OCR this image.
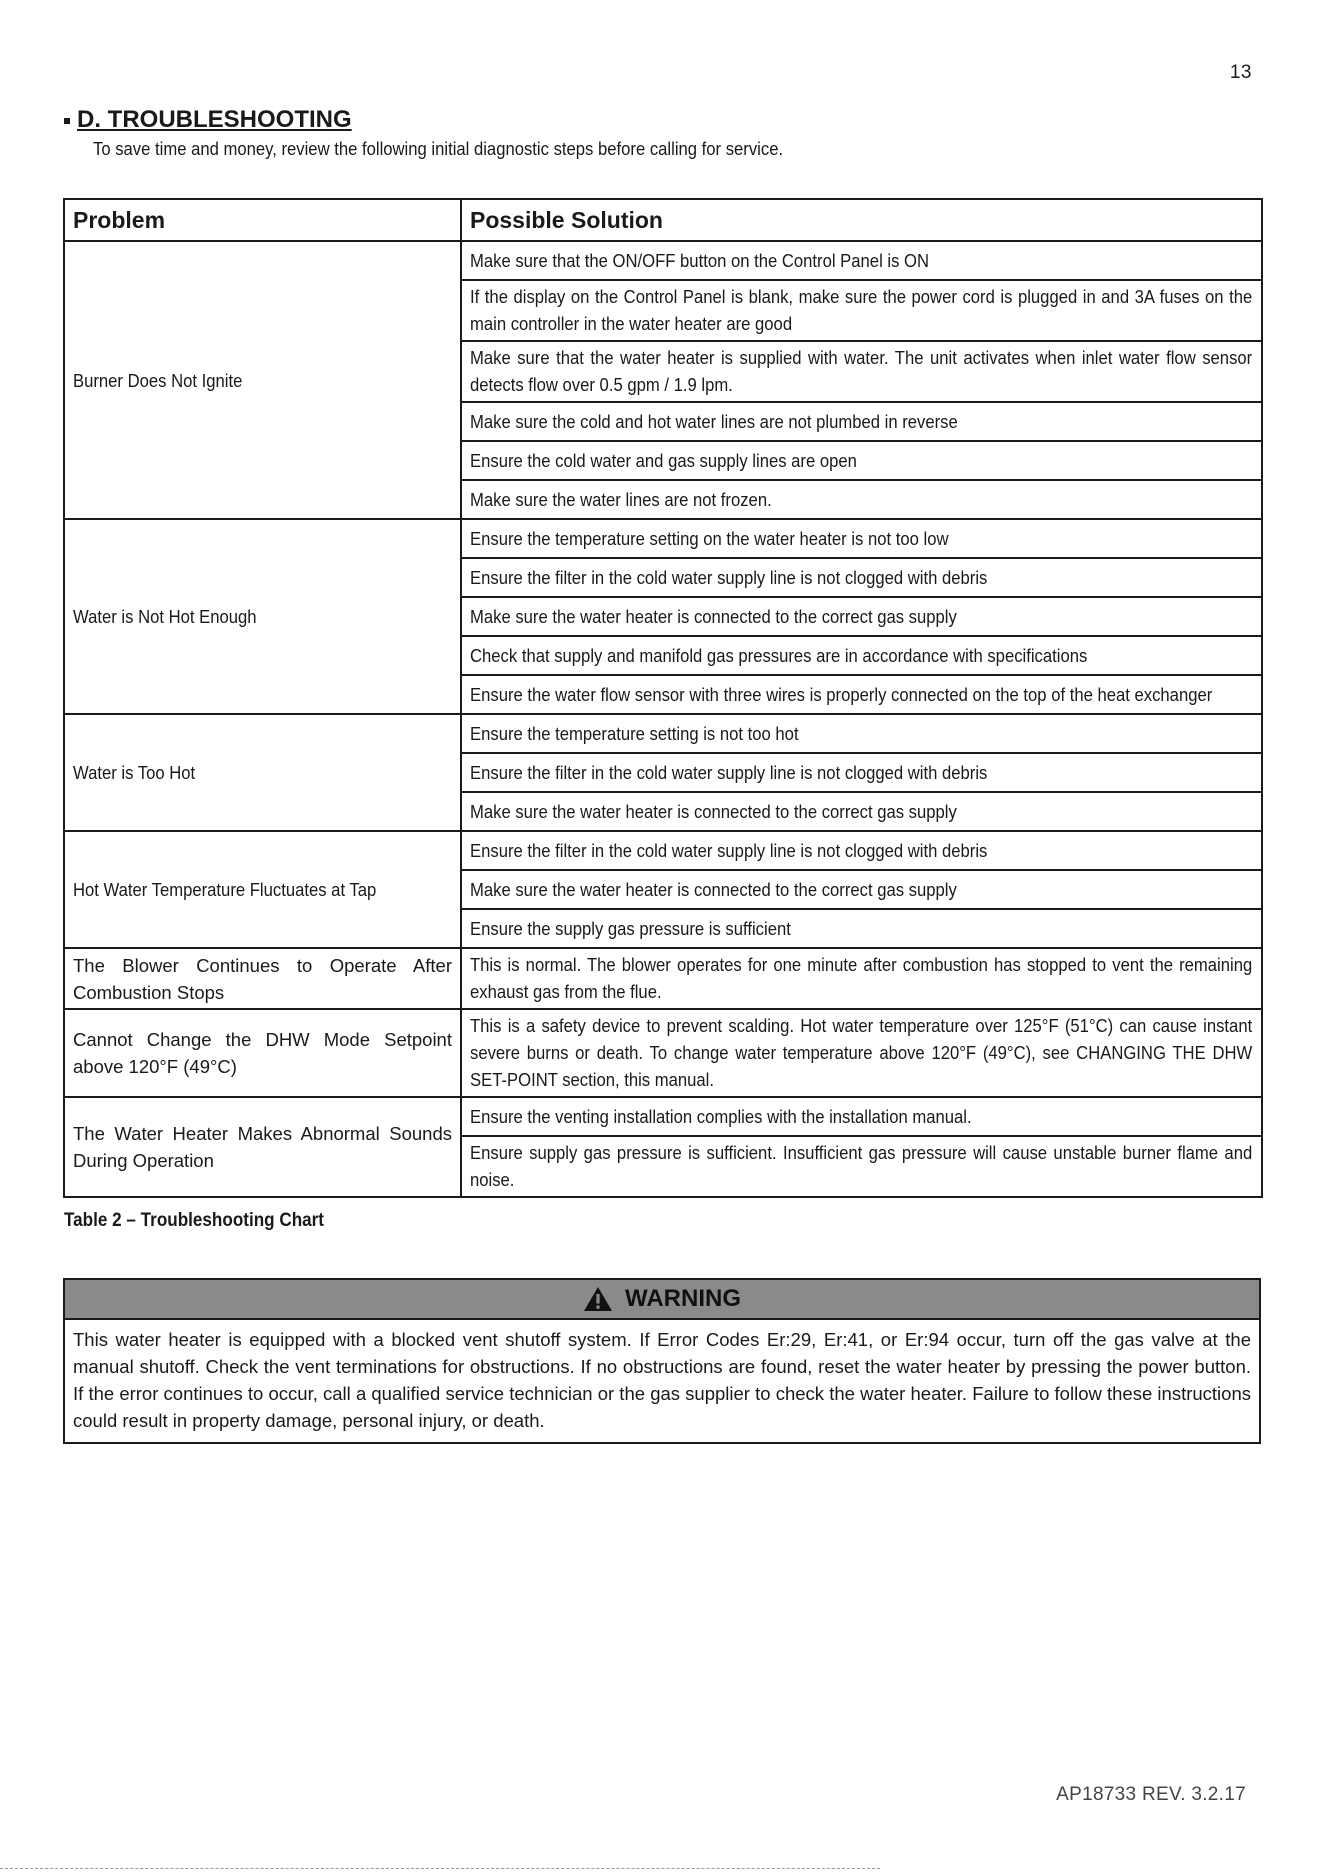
13
D. TROUBLESHOOTING
To save time and money, review the following initial diagnostic steps before calling for service.
Problem	Possible Solution

Burner Does Not Ignite	Make sure that the ON/OFF button on the Control Panel is ON

	If the display on the Control Panel is blank, make sure the power cord is plugged in and 3A fuses on the main controller in the water heater are good

	Make sure that the water heater is supplied with water. The unit activates when inlet water flow sensor detects flow over 0.5 gpm / 1.9 lpm.

	Make sure the cold and hot water lines are not plumbed in reverse

	Ensure the cold water and gas supply lines are open

	Make sure the water lines are not frozen.

Water is Not Hot Enough	Ensure the temperature setting on the water heater is not too low

	Ensure the filter in the cold water supply line is not clogged with debris

	Make sure the water heater is connected to the correct gas supply

	Check that supply and manifold gas pressures are in accordance with specifications

	Ensure the water flow sensor with three wires is properly connected on the top of the heat exchanger

Water is Too Hot	Ensure the temperature setting is not too hot

	Ensure the filter in the cold water supply line is not clogged with debris

	Make sure the water heater is connected to the correct gas supply

Hot Water Temperature Fluctuates at Tap	Ensure the filter in the cold water supply line is not clogged with debris

	Make sure the water heater is connected to the correct gas supply

	Ensure the supply gas pressure is sufficient

The Blower Continues to Operate After Combustion Stops	This is normal. The blower operates for one minute after combustion has stopped to vent the remaining exhaust gas from the flue.

Cannot Change the DHW Mode Setpoint above 120°F (49°C)	This is a safety device to prevent scalding. Hot water temperature over 125°F (51°C) can cause instant severe burns or death. To change water temperature above 120°F (49°C), see CHANGING THE DHW SET-POINT section, this manual.

The Water Heater Makes Abnormal Sounds During Operation	Ensure the venting installation complies with the installation manual.

	Ensure supply gas pressure is sufficient. Insufficient gas pressure will cause unstable burner flame and noise.
Table 2 – Troubleshooting Chart
WARNING
This water heater is equipped with a blocked vent shutoff system. If Error Codes Er:29, Er:41, or Er:94 occur, turn off the gas valve at the manual shutoff. Check the vent terminations for obstructions. If no obstructions are found, reset the water heater by pressing the power button. If the error continues to occur, call a qualified service technician or the gas supplier to check the water heater. Failure to follow these instructions could result in property damage, personal injury, or death.
AP18733 REV. 3.2.17
